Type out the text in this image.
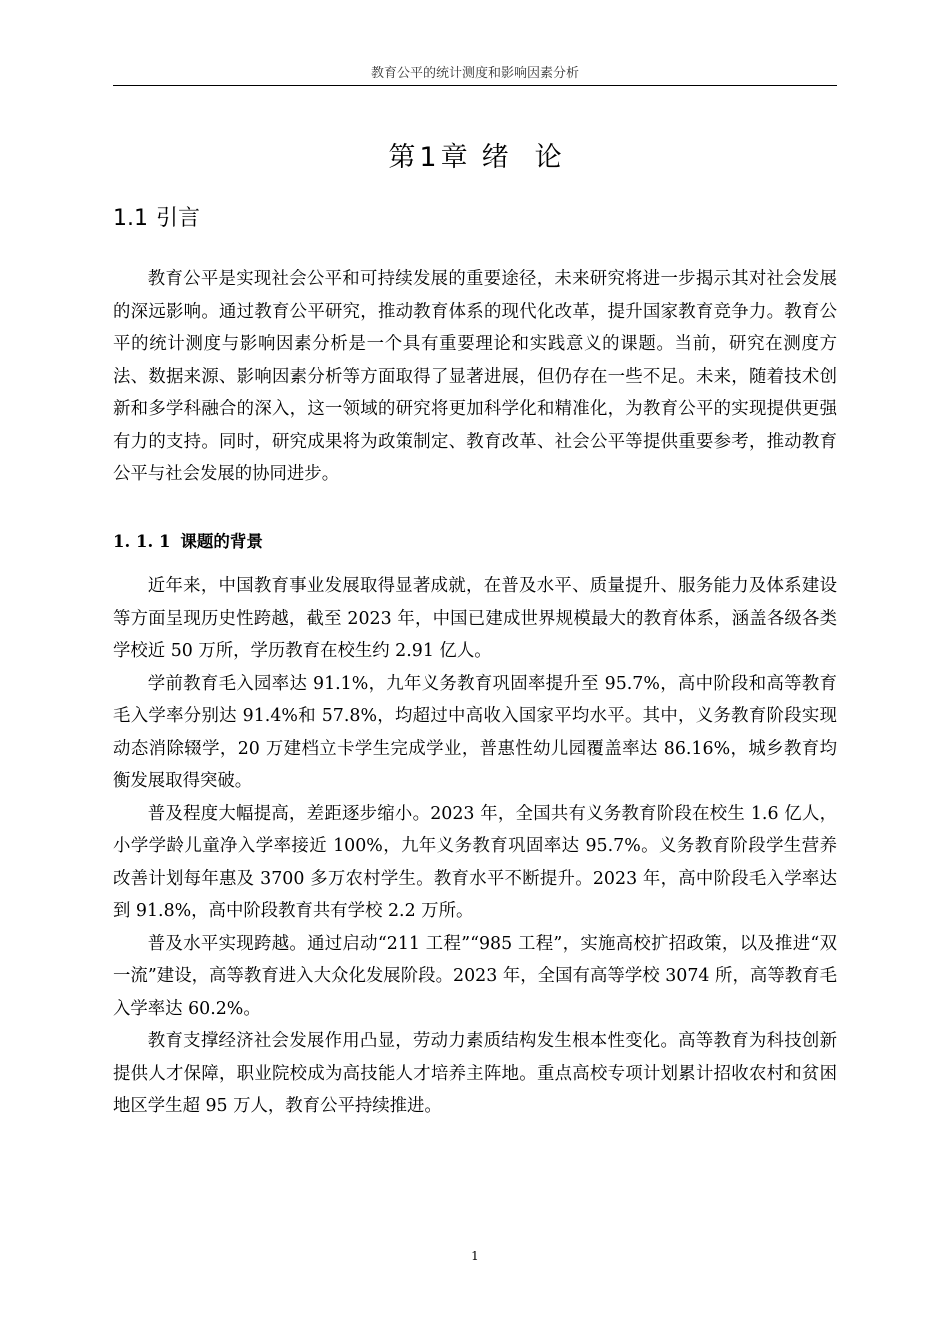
教育公平的统计测度和影响因素分析
第 1 章 绪 论
1.1 引言

教育公平是实现社会公平和可持续发展的重要途径，未来研究将进一步揭示其对社会发展的深远影响。通过教育公平研究，推动教育体系的现代化改革，提升国家教育竞争力。教育公平的统计测度与影响因素分析是一个具有重要理论和实践意义的课题。当前，研究在测度方法、数据来源、影响因素分析等方面取得了显著进展，但仍存在一些不足。未来，随着技术创新和多学科融合的深入，这一领域的研究将更加科学化和精准化，为教育公平的实现提供更强有力的支持。同时，研究成果将为政策制定、教育改革、社会公平等提供重要参考，推动教育公平与社会发展的协同进步。

1. 1. 1 课题的背景

近年来，中国教育事业发展取得显著成就，在普及水平、质量提升、服务能力及体系建设等方面呈现历史性跨越，截至 2023 年，中国已建成世界规模最大的教育体系，涵盖各级各类学校近 50 万所，学历教育在校生约 2.91 亿人。

学前教育毛入园率达 91.1%，九年义务教育巩固率提升至 95.7%，高中阶段和高等教育毛入学率分别达 91.4%和 57.8%，均超过中高收入国家平均水平。其中，义务教育阶段实现动态消除辍学，20 万建档立卡学生完成学业，普惠性幼儿园覆盖率达 86.16%，城乡教育均衡发展取得突破。

普及程度大幅提高，差距逐步缩小。2023 年，全国共有义务教育阶段在校生 1.6 亿人，小学学龄儿童净入学率接近 100%，九年义务教育巩固率达 95.7%。义务教育阶段学生营养改善计划每年惠及 3700 多万农村学生。教育水平不断提升。2023 年，高中阶段毛入学率达到 91.8%，高中阶段教育共有学校 2.2 万所。

普及水平实现跨越。通过启动“211 工程”“985 工程”，实施高校扩招政策，以及推进“双一流”建设，高等教育进入大众化发展阶段。2023 年，全国有高等学校 3074 所，高等教育毛入学率达 60.2%。

教育支撑经济社会发展作用凸显，劳动力素质结构发生根本性变化。高等教育为科技创新提供人才保障，职业院校成为高技能人才培养主阵地。重点高校专项计划累计招收农村和贫困地区学生超 95 万人，教育公平持续推进。

1
